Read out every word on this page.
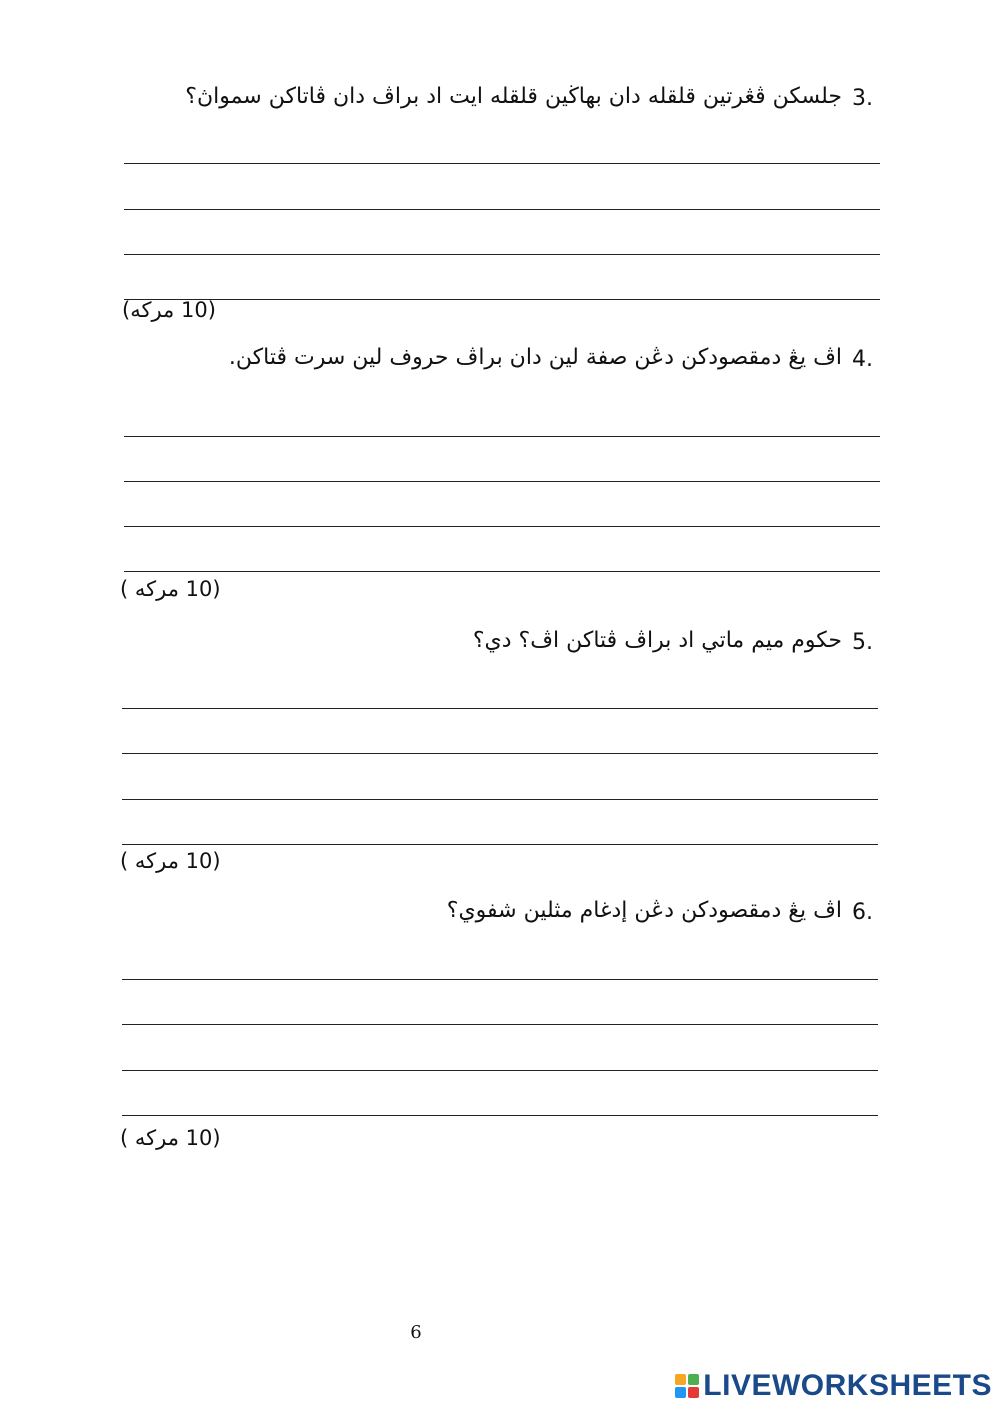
3.
جلسکن ڤڠرتين قلقله دان بهاڬين قلقله ايت اد براڤ دان ڤاتاکن سمواڽ؟
(10 مرکه)
4.
اڤ يڠ دمقصودکن دڠن صفة لين دان براڤ حروف لين سرت ڤتاکن.
(10 مرکه )
5.
حکوم ميم ماتي اد براڤ ڤتاکن اڤ؟ دي؟
(10 مرکه )
6.
اڤ يڠ دمقصودکن دڠن إدغام مثلين شفوي؟
(10 مرکه )
6
LIVEWORKSHEETS
